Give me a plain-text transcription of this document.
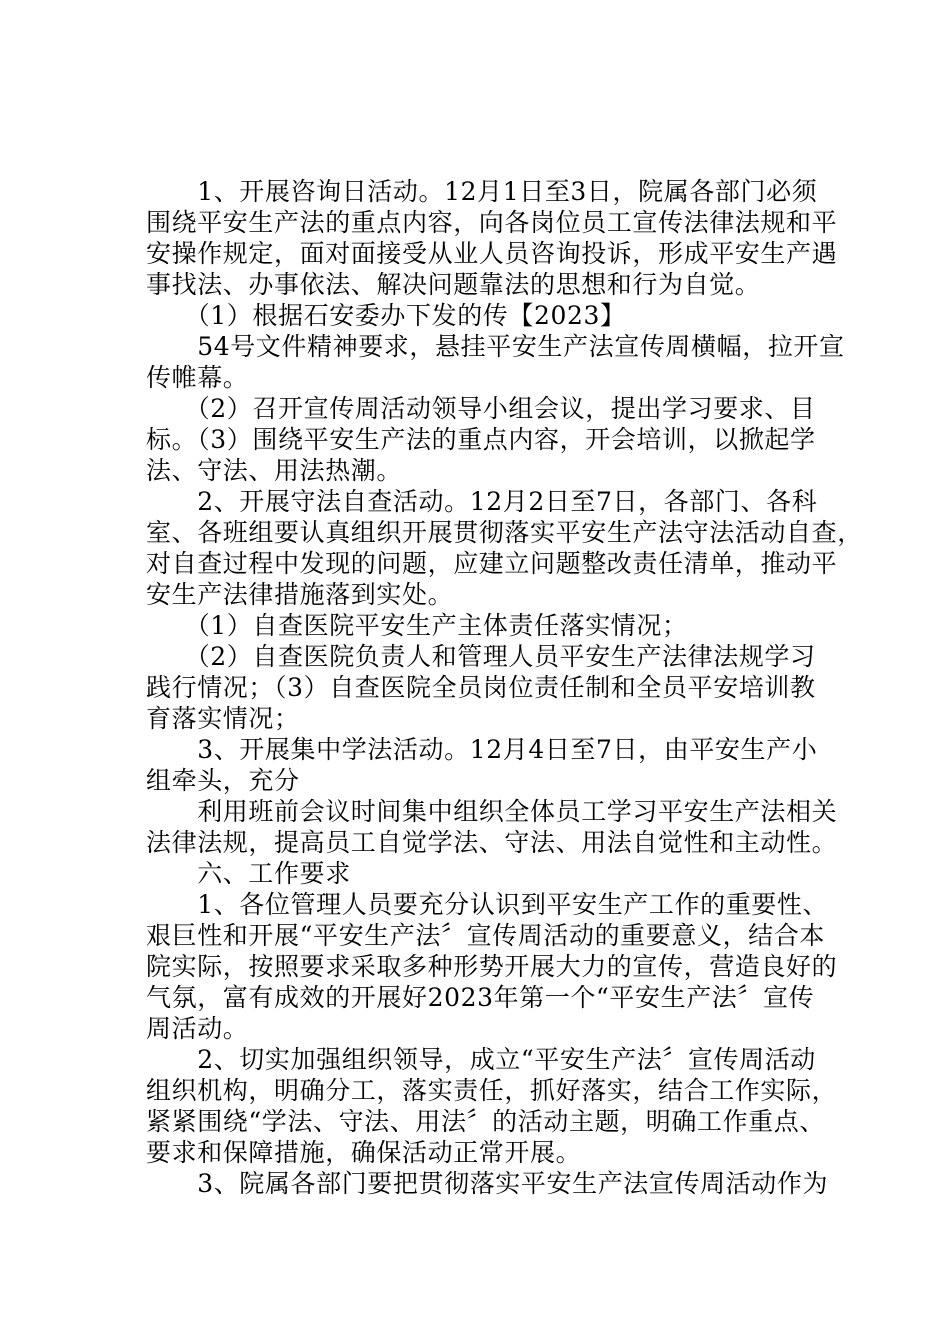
　　1、开展咨询日活动。12月1日至3日，院属各部门必须
围绕平安生产法的重点内容，向各岗位员工宣传法律法规和平
安操作规定，面对面接受从业人员咨询投诉，形成平安生产遇
事找法、办事依法、解决问题靠法的思想和行为自觉。
　　（1）根据石安委办下发的传【2023】
　　54号文件精神要求，悬挂平安生产法宣传周横幅，拉开宣
传帷幕。
　　（2）召开宣传周活动领导小组会议，提出学习要求、目
标。（3）围绕平安生产法的重点内容，开会培训，以掀起学
法、守法、用法热潮。
　　2、开展守法自查活动。12月2日至7日，各部门、各科
室、各班组要认真组织开展贯彻落实平安生产法守法活动自查，
对自查过程中发现的问题，应建立问题整改责任清单，推动平
安生产法律措施落到实处。
　　（1）自查医院平安生产主体责任落实情况；
　　（2）自查医院负责人和管理人员平安生产法律法规学习
践行情况；（3）自查医院全员岗位责任制和全员平安培训教
育落实情况；
　　3、开展集中学法活动。12月4日至7日，由平安生产小
组牵头，充分
　　利用班前会议时间集中组织全体员工学习平安生产法相关
法律法规，提高员工自觉学法、守法、用法自觉性和主动性。
　　六、工作要求
　　1、各位管理人员要充分认识到平安生产工作的重要性、
艰巨性和开展“平安生产法〞宣传周活动的重要意义，结合本
院实际，按照要求采取多种形势开展大力的宣传，营造良好的
气氛，富有成效的开展好2023年第一个“平安生产法〞宣传
周活动。
　　2、切实加强组织领导，成立“平安生产法〞宣传周活动
组织机构，明确分工，落实责任，抓好落实，结合工作实际，
紧紧围绕“学法、守法、用法〞的活动主题，明确工作重点、
要求和保障措施，确保活动正常开展。
　　3、院属各部门要把贯彻落实平安生产法宣传周活动作为
